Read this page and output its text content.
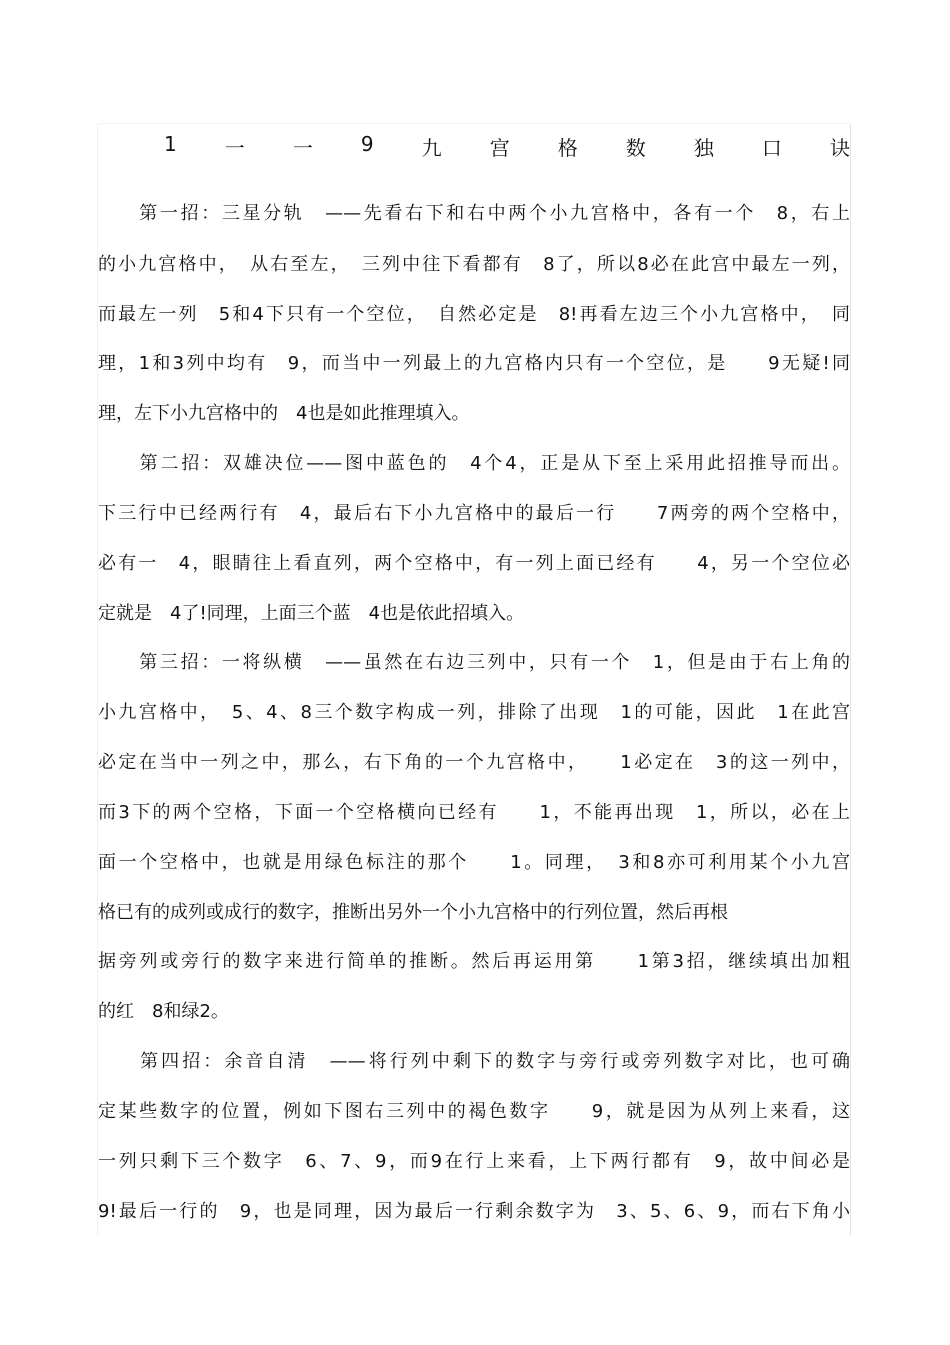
1 一 一 9 九 宫 格 数 独 口 诀
　　第一招：三星分轨　——先看右下和右中两个小九宫格中，各有一个　8，右上
的小九宫格中，　从右至左，　三列中往下看都有　8了，所以8必在此宫中最左一列，
而最左一列　5和4下只有一个空位，　自然必定是　8!再看左边三个小九宫格中，　同
理，1和3列中均有　9，而当中一列最上的九宫格内只有一个空位，是　　9无疑!同
理，左下小九宫格中的　4也是如此推理填入。
　　第二招：双雄决位——图中蓝色的　4个4，正是从下至上采用此招推导而出。
下三行中已经两行有　4，最后右下小九宫格中的最后一行　　7两旁的两个空格中，
必有一　4，眼睛往上看直列，两个空格中，有一列上面已经有　　4，另一个空位必
定就是　4了!同理，上面三个蓝　4也是依此招填入。
　　第三招：一将纵横　——虽然在右边三列中，只有一个　1，但是由于右上角的
小九宫格中，　5、4、8三个数字构成一列，排除了出现　1的可能，因此　1在此宫
必定在当中一列之中，那么，右下角的一个九宫格中，　　1必定在　3的这一列中，
而3下的两个空格，下面一个空格横向已经有　　1，不能再出现　1，所以，必在上
面一个空格中，也就是用绿色标注的那个　　1。同理，　3和8亦可利用某个小九宫
格已有的成列或成行的数字，推断出另外一个小九宫格中的行列位置，然后再根
据旁列或旁行的数字来进行简单的推断。然后再运用第　　1第3招，继续填出加粗
的红　8和绿2。
　　第四招：余音自清　——将行列中剩下的数字与旁行或旁列数字对比，也可确
定某些数字的位置，例如下图右三列中的褐色数字　　9，就是因为从列上来看，这
一列只剩下三个数字　6、7、9，而9在行上来看，上下两行都有　9，故中间必是
9!最后一行的　9，也是同理，因为最后一行剩余数字为　3、5、6、9，而右下角小
